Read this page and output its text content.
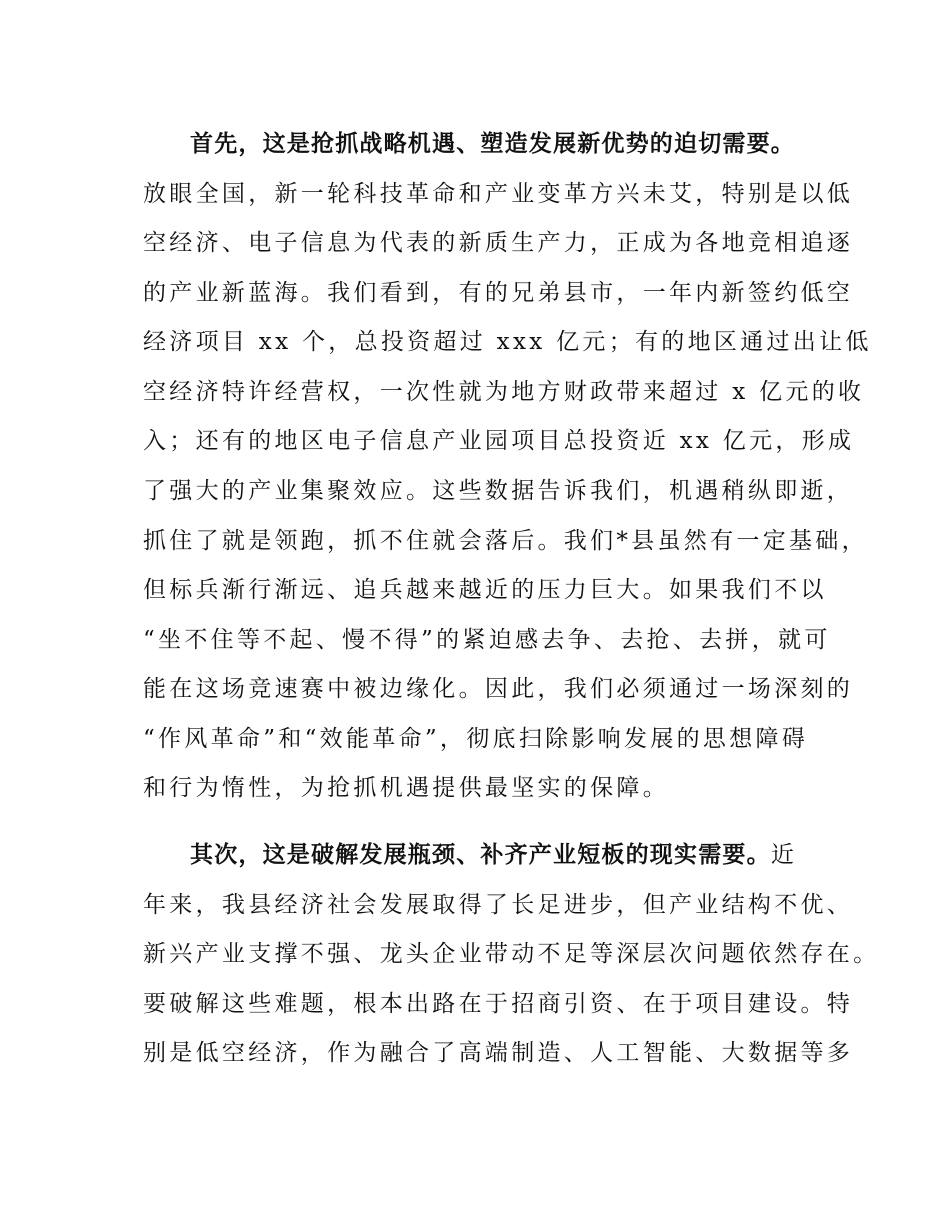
首先，这是抢抓战略机遇、塑造发展新优势的迫切需要。
放眼全国，新一轮科技革命和产业变革方兴未艾，特别是以低
空经济、电子信息为代表的新质生产力，正成为各地竞相追逐
的产业新蓝海。我们看到，有的兄弟县市，一年内新签约低空
经济项目 xx 个，总投资超过 xxx 亿元；有的地区通过出让低
空经济特许经营权，一次性就为地方财政带来超过 x 亿元的收
入；还有的地区电子信息产业园项目总投资近 xx 亿元，形成
了强大的产业集聚效应。这些数据告诉我们，机遇稍纵即逝，
抓住了就是领跑，抓不住就会落后。我们*县虽然有一定基础，
但标兵渐行渐远、追兵越来越近的压力巨大。如果我们不以
“坐不住等不起、慢不得”的紧迫感去争、去抢、去拼，就可
能在这场竞速赛中被边缘化。因此，我们必须通过一场深刻的
“作风革命”和“效能革命”，彻底扫除影响发展的思想障碍
和行为惰性，为抢抓机遇提供最坚实的保障。
其次，这是破解发展瓶颈、补齐产业短板的现实需要。近
年来，我县经济社会发展取得了长足进步，但产业结构不优、
新兴产业支撑不强、龙头企业带动不足等深层次问题依然存在。
要破解这些难题，根本出路在于招商引资、在于项目建设。特
别是低空经济，作为融合了高端制造、人工智能、大数据等多
